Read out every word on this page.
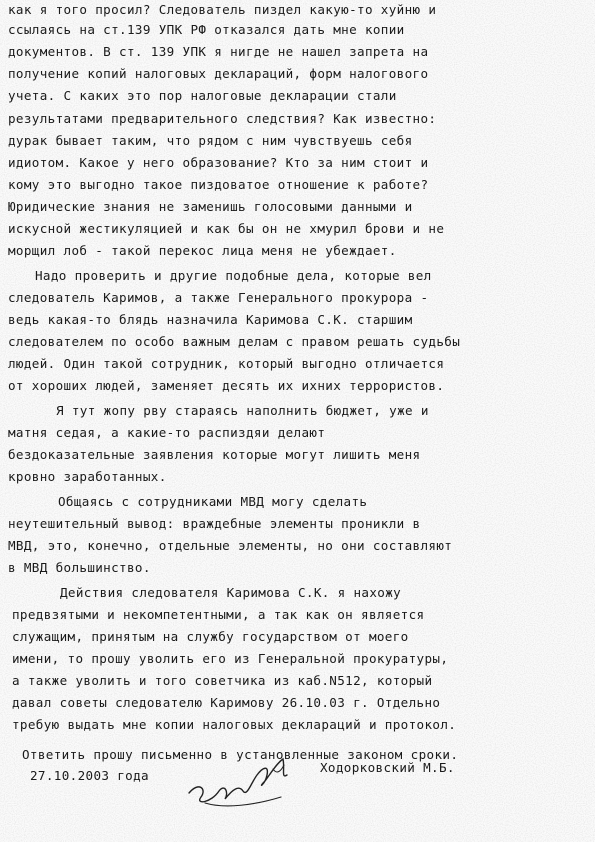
как я того просил? Следователь пиздел какую-то хуйню и
ссылаясь на ст.139 УПК РФ отказался дать мне копии
документов. В ст. 139 УПК я нигде не нашел запрета на
получение копий налоговых деклараций, форм налогового
учета. С каких это пор налоговые декларации стали
результатами предварительного следствия? Как известно:
дурак бывает таким, что рядом с ним чувствуешь себя
идиотом. Какое у него образование? Кто за ним стоит и
кому это выгодно такое пиздоватое отношение к работе?
Юридические знания не заменишь голосовыми данными и
искусной жестикуляцией и как бы он не хмурил брови и не
морщил лоб - такой перекос лица меня не убеждает.
Надо проверить и другие подобные дела, которые вел
следователь Каримов, а также Генерального прокурора -
ведь какая-то блядь назначила Каримова С.К. старшим
следователем по особо важным делам с правом решать судьбы
людей. Один такой сотрудник, который выгодно отличается
от хороших людей, заменяет десять их ихних террористов.
Я тут жопу рву стараясь наполнить бюджет, уже и
матня седая, а какие-то распиздяи делают
бездоказательные заявления которые могут лишить меня
кровно заработанных.
Общаясь с сотрудниками МВД могу сделать
неутешительный вывод: враждебные элементы проникли в
МВД, это, конечно, отдельные элементы, но они составляют
в МВД большинство.
Действия следователя Каримова С.К. я нахожу
предвзятыми и некомпетентными, а так как он является
служащим, принятым на службу государством от моего
имени, то прошу уволить его из Генеральной прокуратуры,
а также уволить и того советчика из каб.N512, который
давал советы следователю Каримову 26.10.03 г. Отдельно
требую выдать мне копии налоговых деклараций и протокол.
Ответить прошу письменно в установленные законом сроки.
27.10.2003 года
Ходорковский М.Б.
